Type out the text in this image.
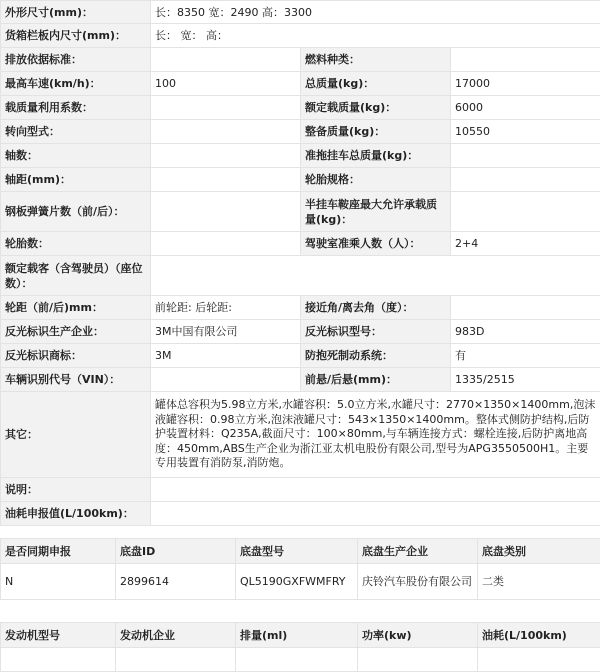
外形尺寸(mm)：	长：8350 宽：2490 高：3300		
货箱栏板内尺寸(mm)：	长： 宽： 高：		
排放依据标准：		燃料种类：	
最高车速(km/h)：	100	总质量(kg)：	17000
载质量利用系数：		额定载质量(kg)：	6000
转向型式：		整备质量(kg)：	10550
轴数：		准拖挂车总质量(kg)：	
轴距(mm)：		轮胎规格：	
钢板弹簧片数（前/后）：		半挂车鞍座最大允许承载质量(kg)：	
轮胎数：		驾驶室准乘人数（人）：	2+4
额定载客（含驾驶员）（座位数）：			
轮距（前/后)mm：	前轮距: 后轮距:	接近角/离去角（度）：	
反光标识生产企业：	3M中国有限公司	反光标识型号：	983D
反光标识商标：	3M	防抱死制动系统：	有
车辆识别代号（VIN）：		前悬/后悬(mm)：	1335/2515
其它：	罐体总容积为5.98立方米,水罐容积：5.0立方米,水罐尺寸：2770×1350×1400mm,泡沫液罐容积：0.98立方米,泡沫液罐尺寸：543×1350×1400mm。整体式侧防护结构,后防护装置材料：Q235A,截面尺寸：100×80mm,与车辆连接方式：螺栓连接,后防护离地高度：450mm,ABS生产企业为浙江亚太机电股份有限公司,型号为APG3550500H1。主要专用装置有消防泵,消防炮。		
说明：			
油耗申报值(L/100km)：			
是否同期申报	底盘ID	底盘型号	底盘生产企业	底盘类别
N	2899614	QL5190GXFWMFRY	庆铃汽车股份有限公司	二类
发动机型号	发动机企业	排量(ml)	功率(kw)	油耗(L/100km)
